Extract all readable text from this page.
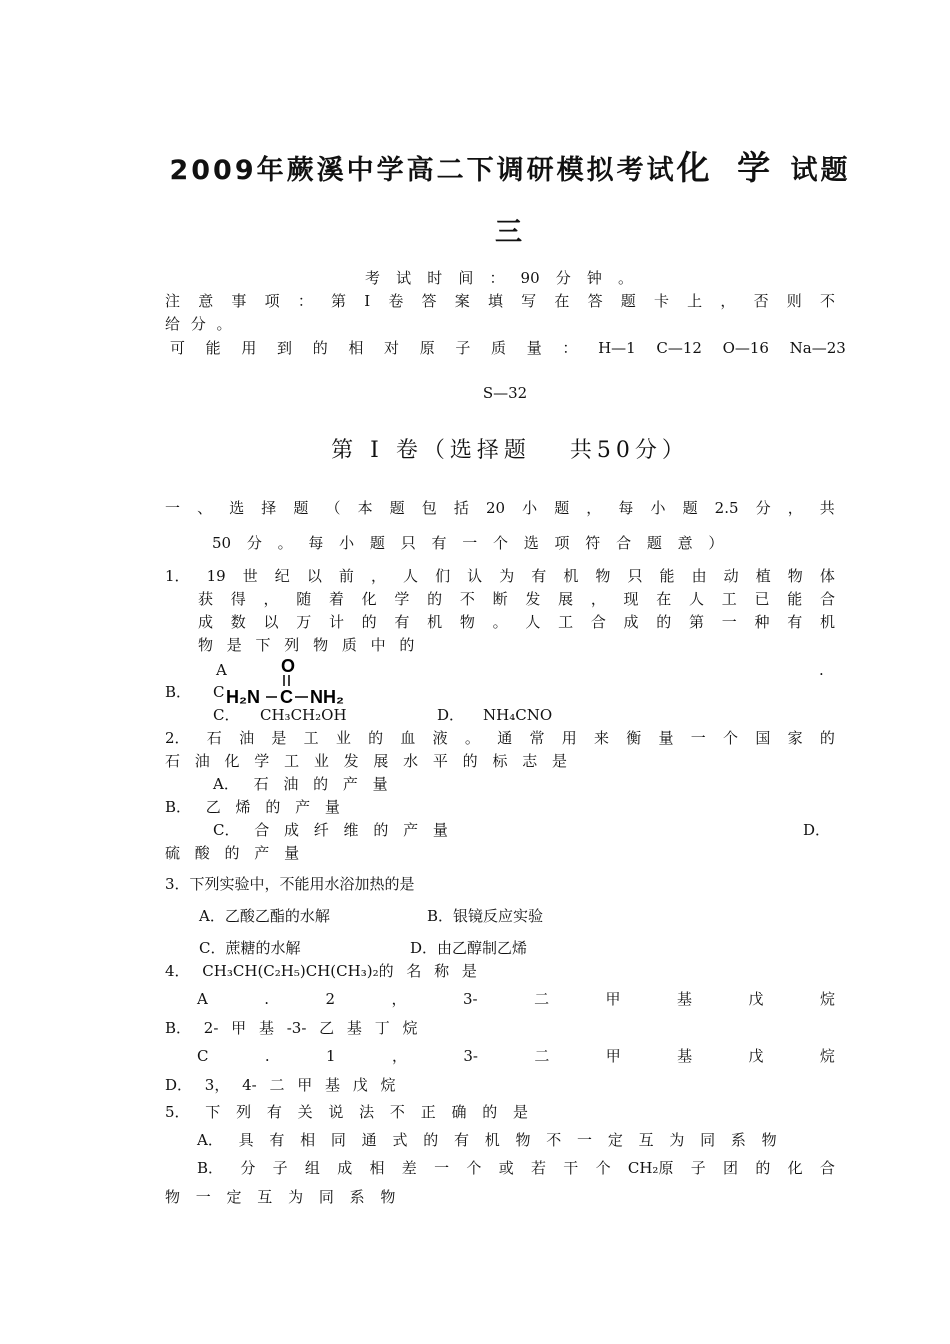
2009年蕨溪中学高二下调研模拟考试化 学 试题
三
考 试 时 间 ： 90 分 钟 。
注 意 事 项 ： 第 Ⅰ 卷 答 案 填 写 在 答 题 卡 上 ， 否 则 不
给 分 。
可 能 用 到 的 相 对 原 子 质 量 ： H—1 C—12 O—16 Na—23
S—32
第 Ⅰ 卷（选择题　 共50分）
一 、 选 择 题 （ 本 题 包 括 20 小 题 ， 每 小 题 2.5 分 ， 共
50 分 。 每 小 题 只 有 一 个 选 项 符 合 题 意 ）
1． 19 世 纪 以 前 ， 人 们 认 为 有 机 物 只 能 由 动 植 物 体
获 得 ， 随 着 化 学 的 不 断 发 展 ， 现 在 人 工 已 能 合
成 数 以 万 计 的 有 机 物 。 人 工 合 成 的 第 一 种 有 机
物 是 下 列 物 质 中 的
A	.
B． C
O
H₂N C NH₂
C． CH₃CH₂OH	D． NH₄CNO
2． 石 油 是 工 业 的 血 液 。 通 常 用 来 衡 量 一 个 国 家 的
石 油 化 学 工 业 发 展 水 平 的 标 志 是
A． 石 油 的 产 量
B． 乙 烯 的 产 量
C． 合 成 纤 维 的 产 量	D．
硫 酸 的 产 量
3．下列实验中，不能用水浴加热的是
A．乙酸乙酯的水解	B．银镜反应实验
C．蔗糖的水解	D．由乙醇制乙烯
4． CH₃CH(C₂H₅)CH(CH₃)₂的 名 称 是
A	.	2	，	3-	二	甲	基	戊	烷
B． 2- 甲 基 -3- 乙 基 丁 烷
C	.	1	，	3-	二	甲	基	戊	烷
D． 3， 4- 二 甲 基 戊 烷
5． 下 列 有 关 说 法 不 正 确 的 是
A． 具 有 相 同 通 式 的 有 机 物 不 一 定 互 为 同 系 物
B． 分 子 组 成 相 差 一 个 或 若 干 个 CH₂原 子 团 的 化 合
物 一 定 互 为 同 系 物
